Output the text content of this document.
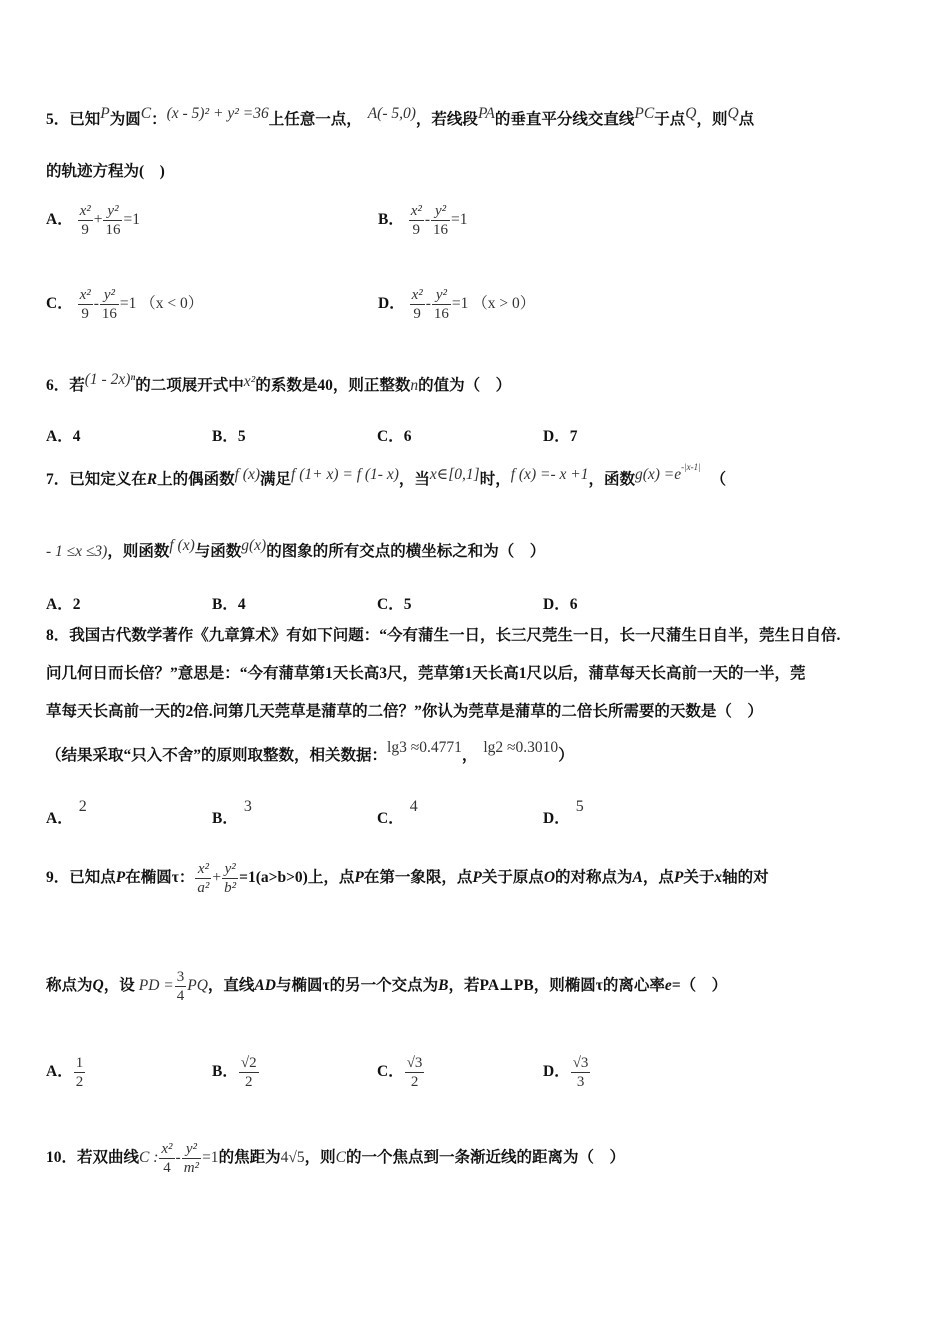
5．已知P为圆C：(x - 5)² + y² =36上任意一点， A(- 5,0)，若线段PA的垂直平分线交直线PC于点Q，则Q点
的轨迹方程为(　)
A． $\frac{\text{x²}}{9} + \frac{\text{y²}}{16} =1$	B． $\frac{\text{x²}}{9} - \frac{\text{y²}}{16} =1$
C． $\frac{\text{x²}}{9} - \frac{\text{y²}}{16} =1$ （x < 0）	D． $\frac{\text{x²}}{9} - \frac{\text{y²}}{16} =1$ （x > 0）
6．若(1 - 2x)ⁿ的二项展开式中x²的系数是40，则正整数n的值为（　）
A．4	B．5	C．6	D．7
7．已知定义在R上的偶函数f (x)满足f (1+ x) = f (1- x)，当x∈[0,1]时，f (x) =- x +1，函数$g(x) =e^{-|x-1|}$（
- 1 ≤x ≤3)，则函数f (x)与函数g(x)的图象的所有交点的横坐标之和为（　）
A．2	B．4	C．5	D．6
8．我国古代数学著作《九章算术》有如下问题：“今有蒲生一日，长三尺莞生一日，长一尺蒲生日自半，莞生日自倍.
问几何日而长倍？”意思是：“今有蒲草第1天长高3尺，莞草第1天长高1尺以后，蒲草每天长高前一天的一半，莞
草每天长高前一天的2倍.问第几天莞草是蒲草的二倍？”你认为莞草是蒲草的二倍长所需要的天数是（　）
（结果采取“只入不舍”的原则取整数，相关数据：lg3 ≈0.4771， lg2 ≈0.3010）
A．2
B．3
C．4
D．5
9．已知点P在椭圆τ： $\frac{\text{x²}}{\text{a²}} + \frac{\text{y²}}{\text{b²}} =1(a>b>0)$上，点P在第一象限，点P关于原点O的对称点为A，点P关于x轴的对
称点为Q，设 PD = $\frac{3}{4}$ PQ，直线AD与椭圆τ的另一个交点为B，若PA⊥PB，则椭圆τ的离心率e=（　）
A． $\frac{1}{2}$	B． $\frac{√2}{2}$	C． $\frac{√3}{2}$	D． $\frac{√3}{3}$
10．若双曲线C : $\frac{\text{x²}}{4} - \frac{\text{y²}}{\text{m²}} =1$的焦距为4√5，则C的一个焦点到一条渐近线的距离为（　）
